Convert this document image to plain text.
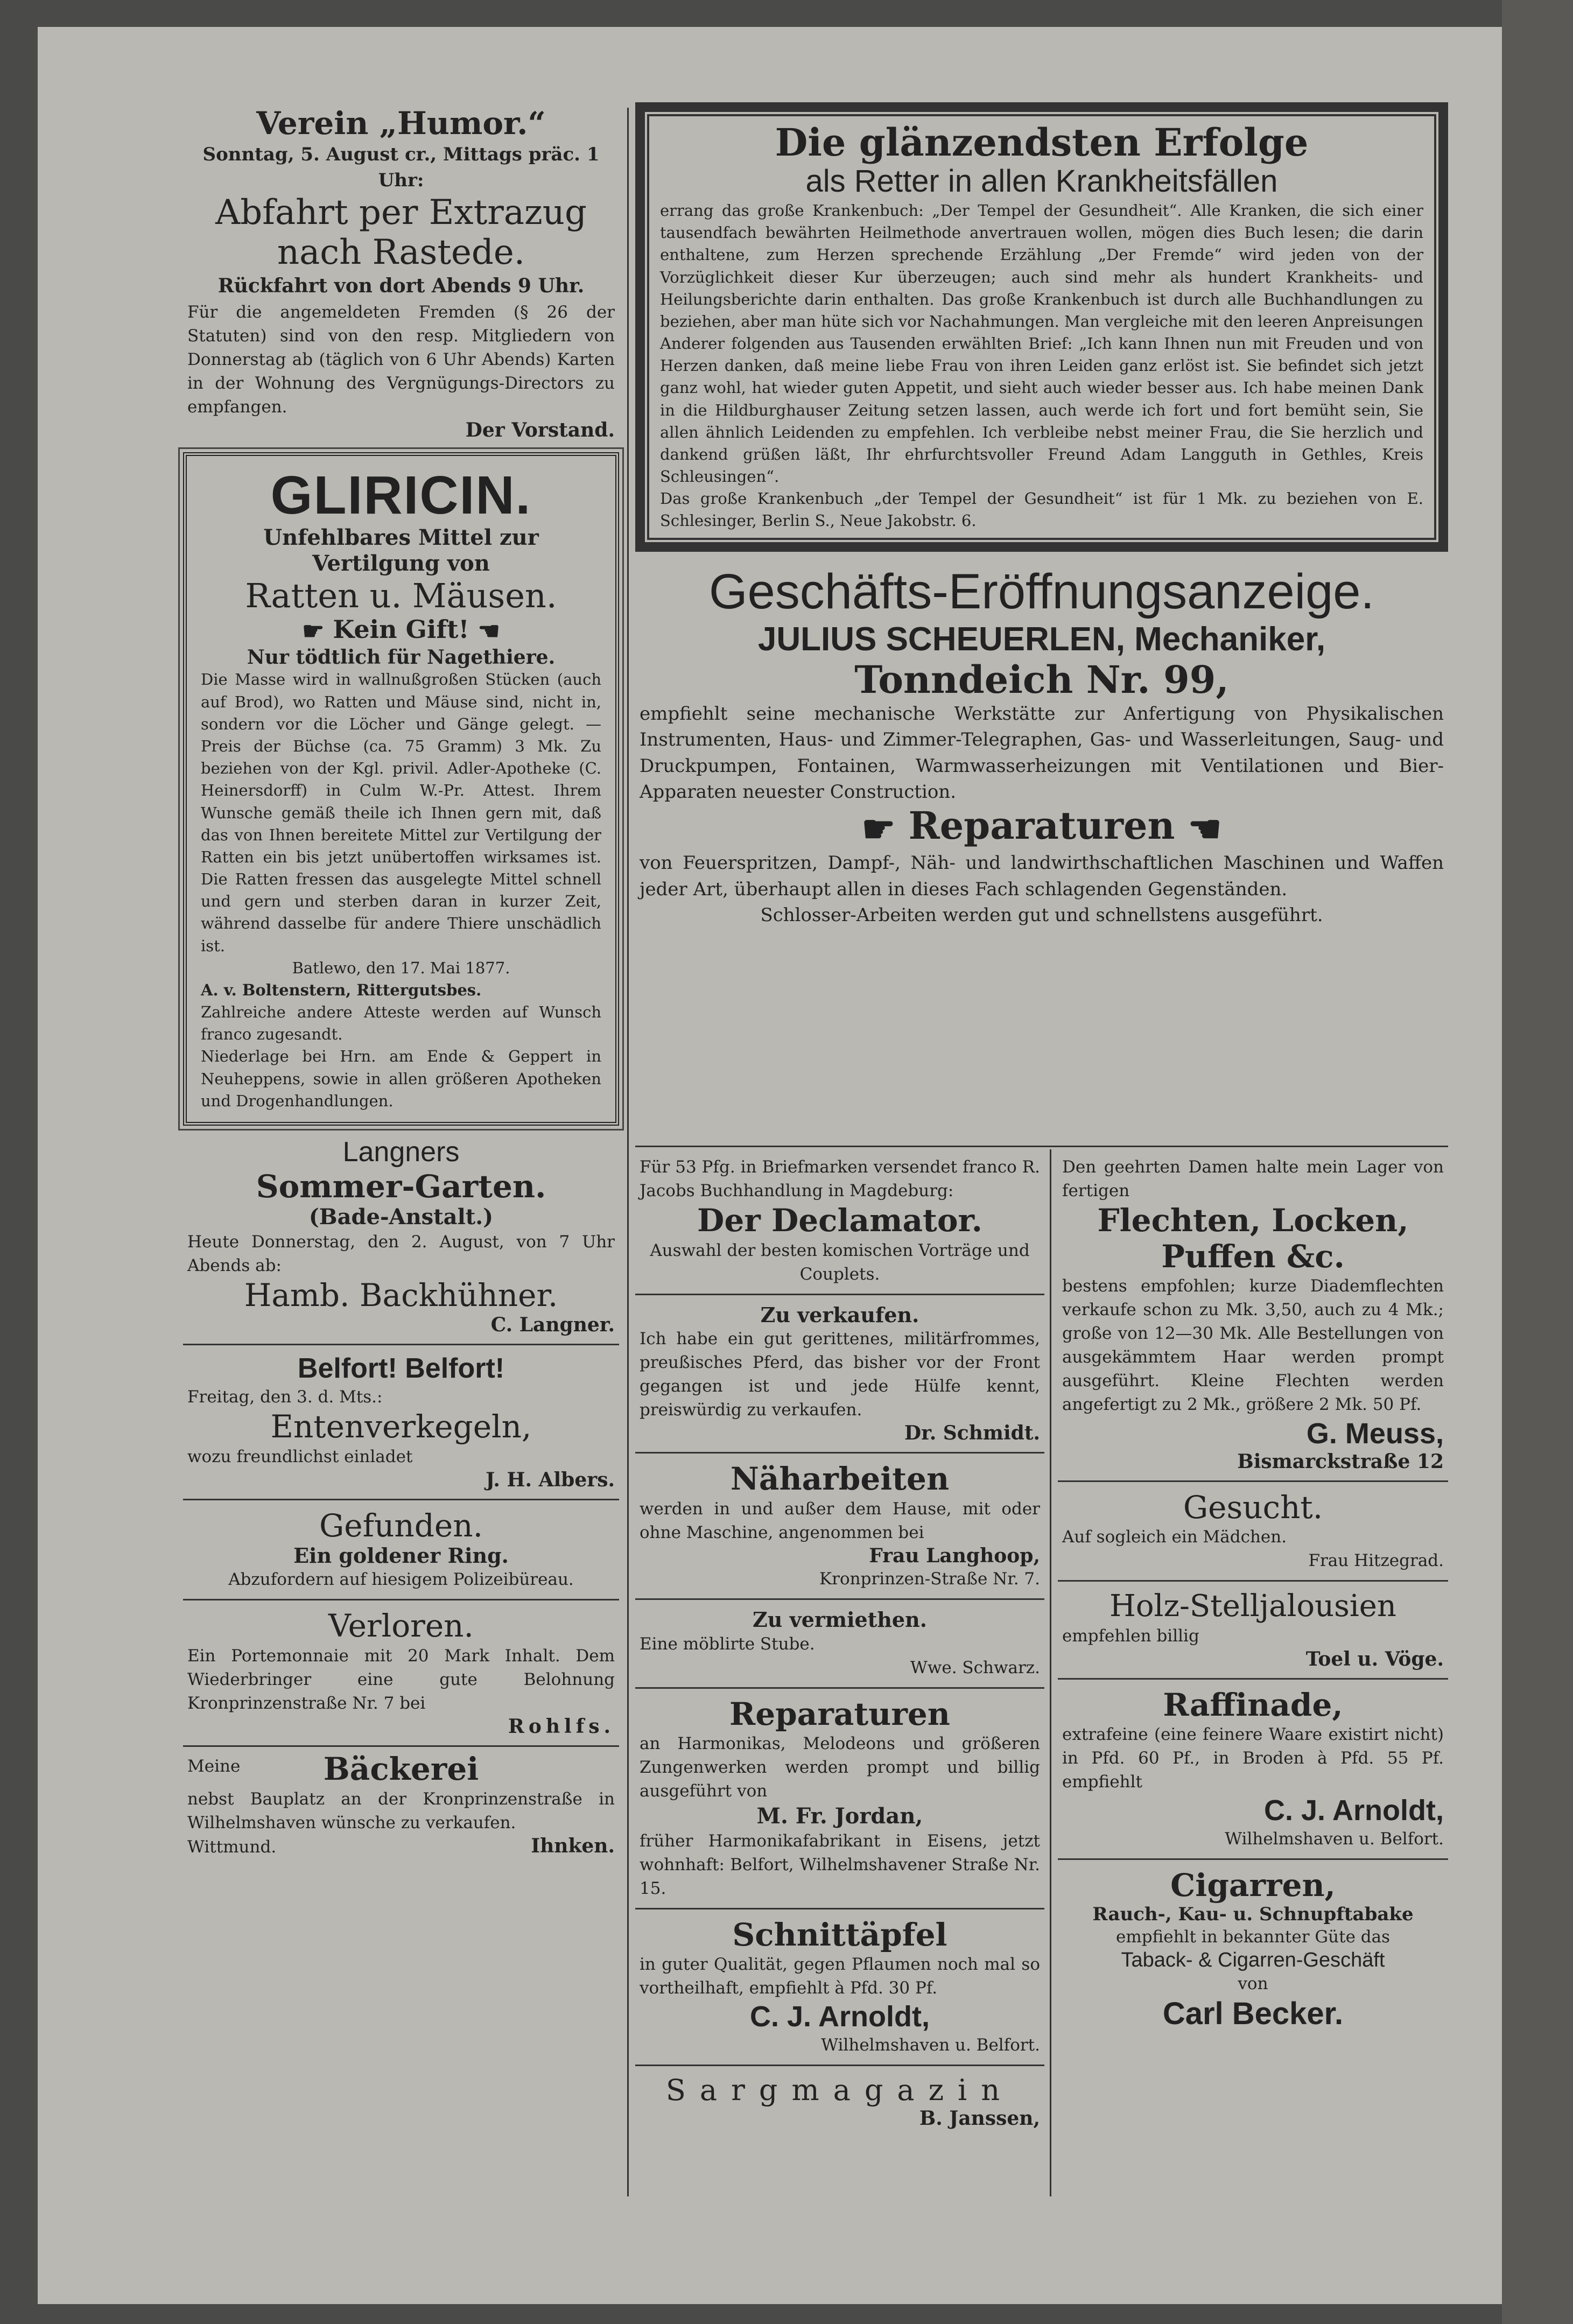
Verein „Humor.“

Sonntag, 5. August cr., Mittags präc. 1 Uhr:

Abfahrt per Extrazug nach Rastede.

Rückfahrt von dort Abends 9 Uhr.

Für die angemeldeten Fremden (§ 26 der Statuten) sind von den resp. Mitgliedern von Donnerstag ab (täglich von 6 Uhr Abends) Karten in der Wohnung des Vergnügungs-Directors zu empfangen.

Der Vorstand.

GLIRICIN.

Unfehlbares Mittel zur Vertilgung von

Ratten u. Mäusen.

☛ Kein Gift! ☚

Nur tödtlich für Nagethiere.

Die Masse wird in wallnußgroßen Stücken (auch auf Brod), wo Ratten und Mäuse sind, nicht in, sondern vor die Löcher und Gänge gelegt. — Preis der Büchse (ca. 75 Gramm) 3 Mk. Zu beziehen von der Kgl. privil. Adler-Apotheke (C. Heinersdorff) in Culm W.-Pr. Attest. Ihrem Wunsche gemäß theile ich Ihnen gern mit, daß das von Ihnen bereitete Mittel zur Vertilgung der Ratten ein bis jetzt unübertoffen wirksames ist. Die Ratten fressen das ausgelegte Mittel schnell und gern und sterben daran in kurzer Zeit, während dasselbe für andere Thiere unschädlich ist.

Batlewo, den 17. Mai 1877.

A. v. Boltenstern, Rittergutsbes.

Zahlreiche andere Atteste werden auf Wunsch franco zugesandt.

Niederlage bei Hrn. am Ende & Geppert in Neuheppens, sowie in allen größeren Apotheken und Drogenhandlungen.

Langners

Sommer-Garten.

(Bade-Anstalt.)

Heute Donnerstag, den 2. August, von 7 Uhr Abends ab:

Hamb. Backhühner.

C. Langner.

Belfort! Belfort!

Freitag, den 3. d. Mts.:

Entenverkegeln,

wozu freundlichst einladet

J. H. Albers.

Gefunden.

Ein goldener Ring.

Abzufordern auf hiesigem Polizeibüreau.

Verloren.

Ein Portemonnaie mit 20 Mark Inhalt. Dem Wiederbringer eine gute Belohnung Kronprinzenstraße Nr. 7 bei

Rohlfs.

Meine	Bäckerei

nebst Bauplatz an der Kronprinzenstraße in Wilhelmshaven wünsche zu verkaufen.

Wittmund.	Ihnken.

Die glänzendsten Erfolge

als Retter in allen Krankheitsfällen

errang das große Krankenbuch: „Der Tempel der Gesundheit“. Alle Kranken, die sich einer tausendfach bewährten Heilmethode anvertrauen wollen, mögen dies Buch lesen; die darin enthaltene, zum Herzen sprechende Erzählung „Der Fremde“ wird jeden von der Vorzüglichkeit dieser Kur überzeugen; auch sind mehr als hundert Krankheits- und Heilungsberichte darin enthalten. Das große Krankenbuch ist durch alle Buchhandlungen zu beziehen, aber man hüte sich vor Nachahmungen. Man vergleiche mit den leeren Anpreisungen Anderer folgenden aus Tausenden erwählten Brief: „Ich kann Ihnen nun mit Freuden und von Herzen danken, daß meine liebe Frau von ihren Leiden ganz erlöst ist. Sie befindet sich jetzt ganz wohl, hat wieder guten Appetit, und sieht auch wieder besser aus. Ich habe meinen Dank in die Hildburghauser Zeitung setzen lassen, auch werde ich fort und fort bemüht sein, Sie allen ähnlich Leidenden zu empfehlen. Ich verbleibe nebst meiner Frau, die Sie herzlich und dankend grüßen läßt, Ihr ehrfurchtsvoller Freund Adam Langguth in Gethles, Kreis Schleusingen“.

Das große Krankenbuch „der Tempel der Gesundheit“ ist für 1 Mk. zu beziehen von E. Schlesinger, Berlin S., Neue Jakobstr. 6.

Geschäfts-Eröffnungsanzeige.

JULIUS SCHEUERLEN, Mechaniker,

Tonndeich Nr. 99,

empfiehlt seine mechanische Werkstätte zur Anfertigung von Physikalischen Instrumenten, Haus- und Zimmer-Telegraphen, Gas- und Wasserleitungen, Saug- und Druckpumpen, Fontainen, Warmwasserheizungen mit Ventilationen und Bier-Apparaten neuester Construction.

☛ Reparaturen ☚

von Feuerspritzen, Dampf-, Näh- und landwirthschaftlichen Maschinen und Waffen jeder Art, überhaupt allen in dieses Fach schlagenden Gegenständen.

Schlosser-Arbeiten werden gut und schnellstens ausgeführt.

Für 53 Pfg. in Briefmarken versendet franco R. Jacobs Buchhandlung in Magdeburg:

Der Declamator.

Auswahl der besten komischen Vorträge und Couplets.

Zu verkaufen.

Ich habe ein gut gerittenes, militärfrommes, preußisches Pferd, das bisher vor der Front gegangen ist und jede Hülfe kennt, preiswürdig zu verkaufen.

Dr. Schmidt.

Näharbeiten

werden in und außer dem Hause, mit oder ohne Maschine, angenommen bei

Frau Langhoop,

Kronprinzen-Straße Nr. 7.

Zu vermiethen.

Eine möblirte Stube.

Wwe. Schwarz.

Reparaturen

an Harmonikas, Melodeons und größeren Zungenwerken werden prompt und billig ausgeführt von

M. Fr. Jordan,

früher Harmonikafabrikant in Eisens, jetzt wohnhaft: Belfort, Wilhelmshavener Straße Nr. 15.

Schnittäpfel

in guter Qualität, gegen Pflaumen noch mal so vortheilhaft, empfiehlt à Pfd. 30 Pf.

C. J. Arnoldt,

Wilhelmshaven u. Belfort.

Sargmagazin

B. Janssen,

Den geehrten Damen halte mein Lager von fertigen

Flechten, Locken,

Puffen &c.

bestens empfohlen; kurze Diademflechten verkaufe schon zu Mk. 3,50, auch zu 4 Mk.; große von 12—30 Mk. Alle Bestellungen von ausgekämmtem Haar werden prompt ausgeführt. Kleine Flechten werden angefertigt zu 2 Mk., größere 2 Mk. 50 Pf.

G. Meuss,

Bismarckstraße 12

Gesucht.

Auf sogleich ein Mädchen.

Frau Hitzegrad.

Holz-Stelljalousien

empfehlen billig

Toel u. Vöge.

Raffinade,

extrafeine (eine feinere Waare existirt nicht) in Pfd. 60 Pf., in Broden à Pfd. 55 Pf. empfiehlt

C. J. Arnoldt,

Wilhelmshaven u. Belfort.

Cigarren,

Rauch-, Kau- u. Schnupftabake

empfiehlt in bekannter Güte das

Taback- & Cigarren-Geschäft

von

Carl Becker.
